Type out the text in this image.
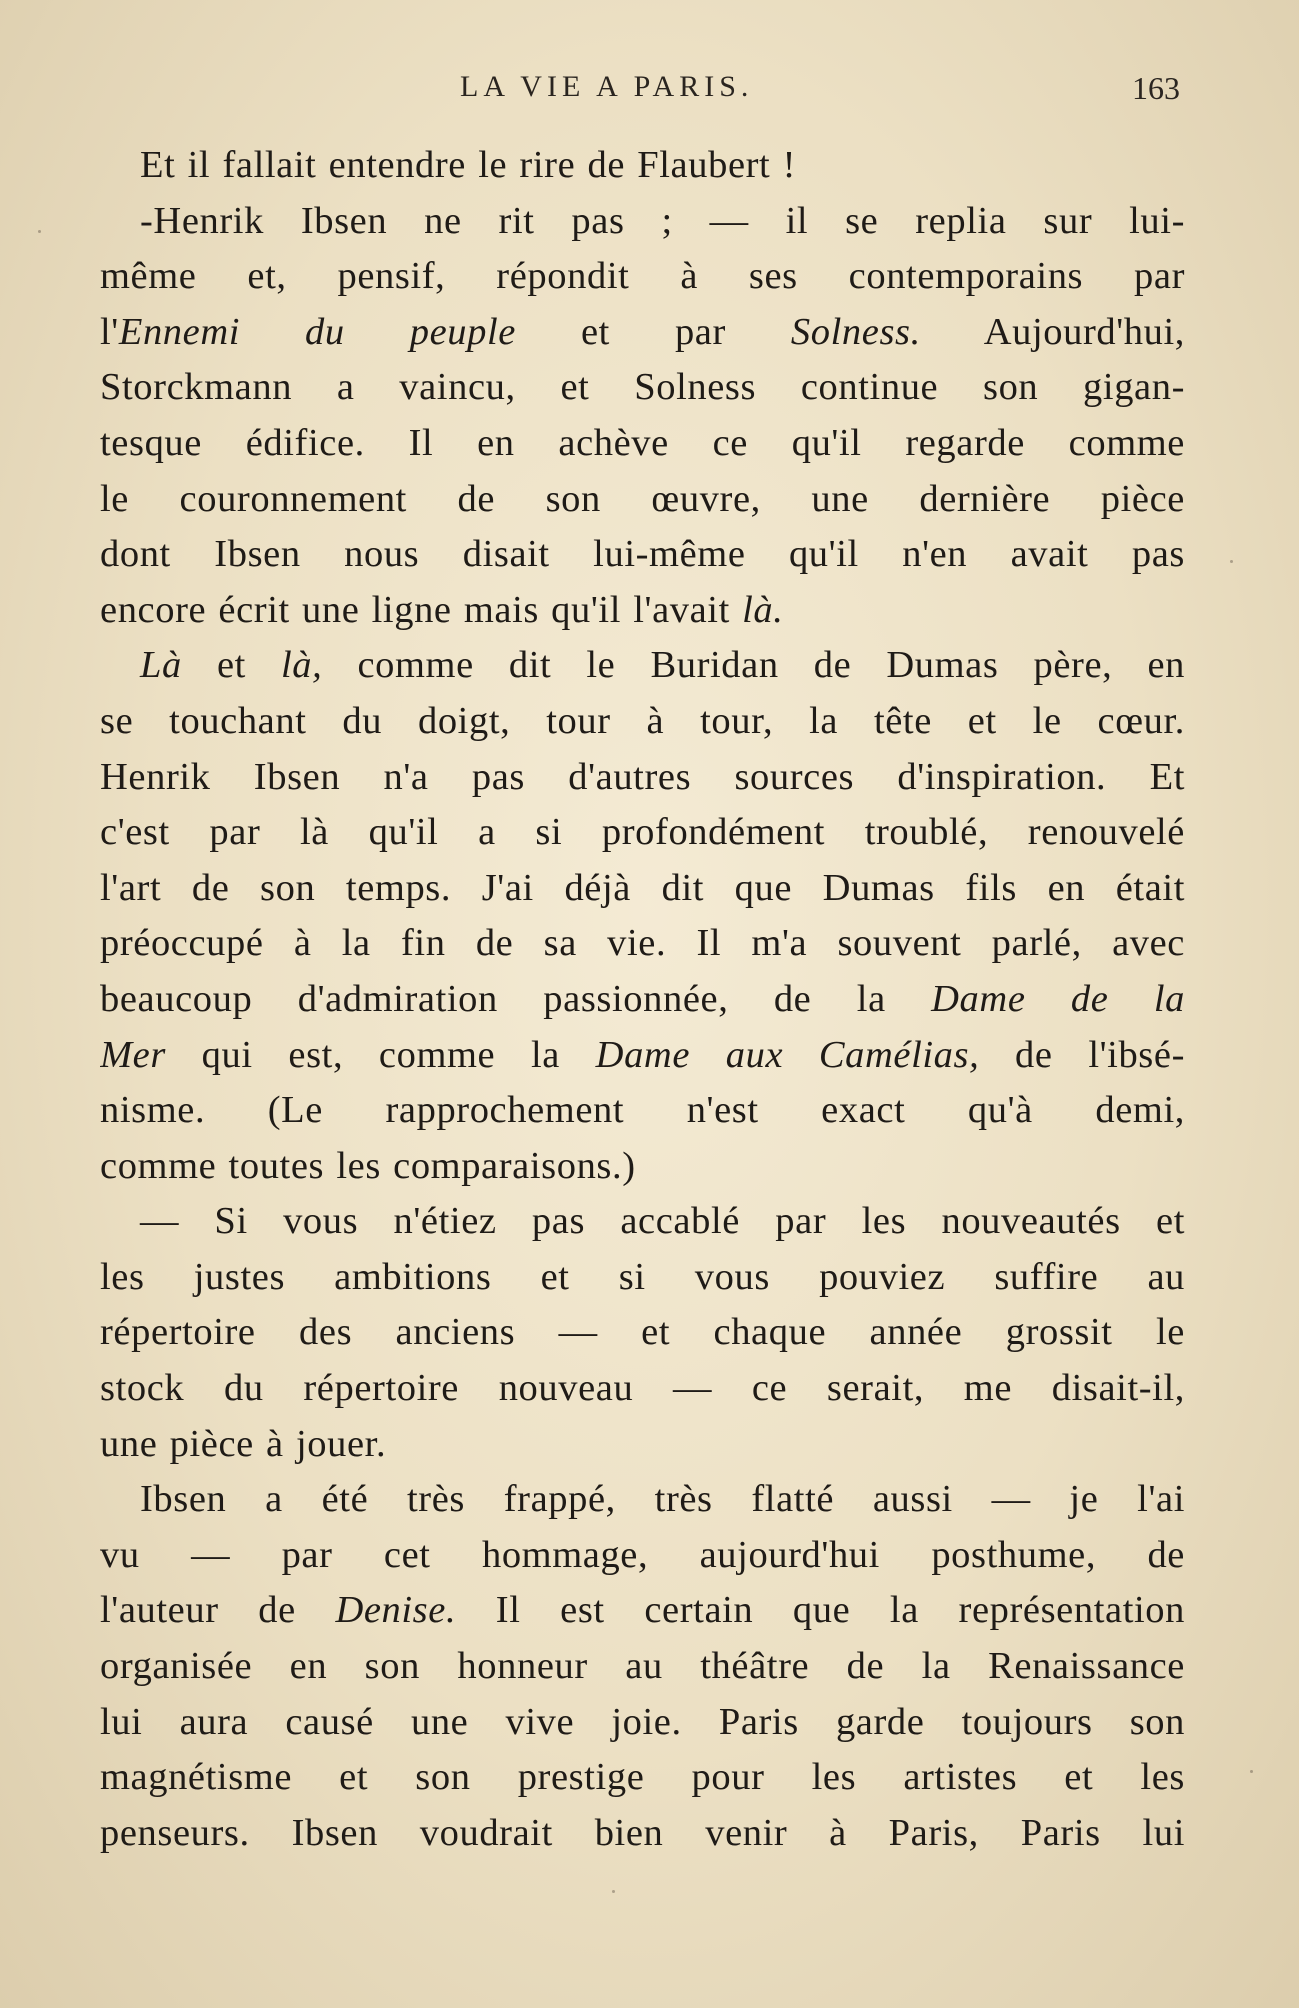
LA VIE A PARIS.	163
Et il fallait entendre le rire de Flaubert !
-Henrik Ibsen ne rit pas ; — il se replia sur lui-
même et, pensif, répondit à ses contemporains par
l'Ennemi du peuple et par Solness. Aujourd'hui,
Storckmann a vaincu, et Solness continue son gigan-
tesque édifice. Il en achève ce qu'il regarde comme
le couronnement de son œuvre, une dernière pièce
dont Ibsen nous disait lui-même qu'il n'en avait pas
encore écrit une ligne mais qu'il l'avait là.
Là et là, comme dit le Buridan de Dumas père, en
se touchant du doigt, tour à tour, la tête et le cœur.
Henrik Ibsen n'a pas d'autres sources d'inspiration. Et
c'est par là qu'il a si profondément troublé, renouvelé
l'art de son temps. J'ai déjà dit que Dumas fils en était
préoccupé à la fin de sa vie. Il m'a souvent parlé, avec
beaucoup d'admiration passionnée, de la Dame de la
Mer qui est, comme la Dame aux Camélias, de l'ibsé-
nisme. (Le rapprochement n'est exact qu'à demi,
comme toutes les comparaisons.)
— Si vous n'étiez pas accablé par les nouveautés et
les justes ambitions et si vous pouviez suffire au
répertoire des anciens — et chaque année grossit le
stock du répertoire nouveau — ce serait, me disait-il,
une pièce à jouer.
Ibsen a été très frappé, très flatté aussi — je l'ai
vu — par cet hommage, aujourd'hui posthume, de
l'auteur de Denise. Il est certain que la représentation
organisée en son honneur au théâtre de la Renaissance
lui aura causé une vive joie. Paris garde toujours son
magnétisme et son prestige pour les artistes et les
penseurs. Ibsen voudrait bien venir à Paris, Paris lui
